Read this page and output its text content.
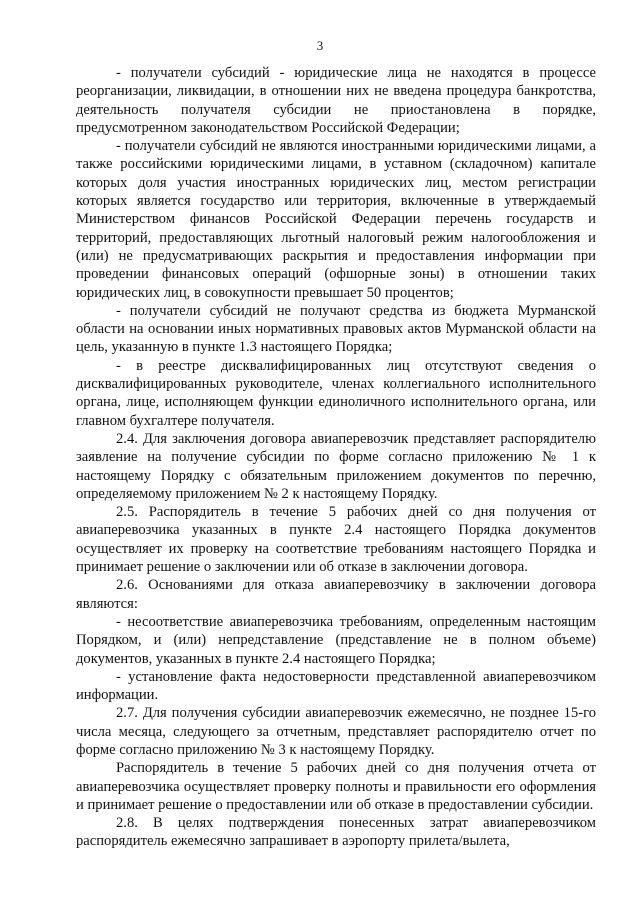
3

- получатели субсидий - юридические лица не находятся в процессе реорганизации, ликвидации, в отношении них не введена процедура банкротства, деятельность получателя субсидии не приостановлена в порядке, предусмотренном законодательством Российской Федерации;

- получатели субсидий не являются иностранными юридическими лицами, а также российскими юридическими лицами, в уставном (складочном) капитале которых доля участия иностранных юридических лиц, местом регистрации которых является государство или территория, включенные в утверждаемый Министерством финансов Российской Федерации перечень государств и территорий, предоставляющих льготный налоговый режим налогообложения и (или) не предусматривающих раскрытия и предоставления информации при проведении финансовых операций (офшорные зоны) в отношении таких юридических лиц, в совокупности превышает 50 процентов;

- получатели субсидий не получают средства из бюджета Мурманской области на основании иных нормативных правовых актов Мурманской области на цель, указанную в пункте 1.3 настоящего Порядка;

- в реестре дисквалифицированных лиц отсутствуют сведения о дисквалифицированных руководителе, членах коллегиального исполнительного органа, лице, исполняющем функции единоличного исполнительного органа, или главном бухгалтере получателя.

2.4. Для заключения договора авиаперевозчик представляет распорядителю заявление на получение субсидии по форме согласно приложению № 1 к настоящему Порядку с обязательным приложением документов по перечню, определяемому приложением № 2 к настоящему Порядку.

2.5. Распорядитель в течение 5 рабочих дней со дня получения от авиаперевозчика указанных в пункте 2.4 настоящего Порядка документов осуществляет их проверку на соответствие требованиям настоящего Порядка и принимает решение о заключении или об отказе в заключении договора.

2.6. Основаниями для отказа авиаперевозчику в заключении договора являются:

- несоответствие авиаперевозчика требованиям, определенным настоящим Порядком, и (или) непредставление (представление не в полном объеме) документов, указанных в пункте 2.4 настоящего Порядка;

- установление факта недостоверности представленной авиаперевозчиком информации.

2.7. Для получения субсидии авиаперевозчик ежемесячно, не позднее 15-го числа месяца, следующего за отчетным, представляет распорядителю отчет по форме согласно приложению № 3 к настоящему Порядку.

Распорядитель в течение 5 рабочих дней со дня получения отчета от авиаперевозчика осуществляет проверку полноты и правильности его оформления и принимает решение о предоставлении или об отказе в предоставлении субсидии.

2.8. В целях подтверждения понесенных затрат авиаперевозчиком распорядитель ежемесячно запрашивает в аэропорту прилета/вылета,
